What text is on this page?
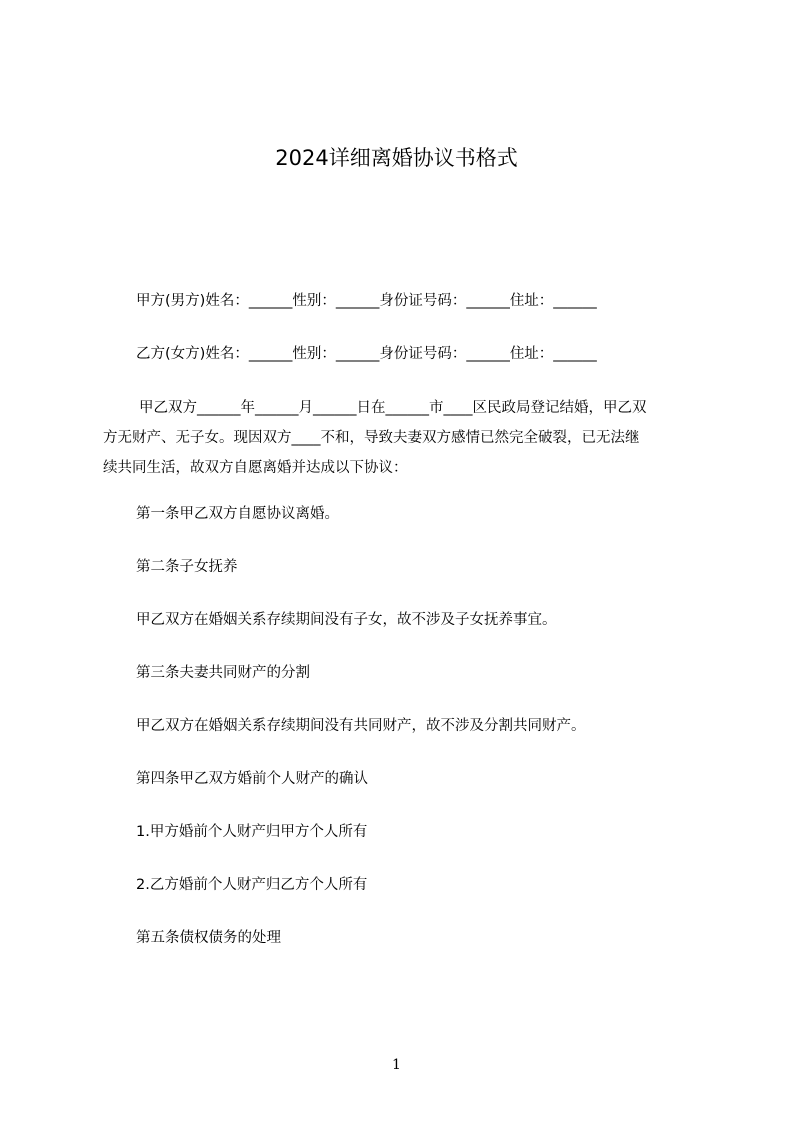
2024详细离婚协议书格式
甲方(男方)姓名：______性别：______身份证号码：______住址：______
乙方(女方)姓名：______性别：______身份证号码：______住址：______
甲乙双方______年______月______日在______市____区民政局登记结婚，甲乙双
方无财产、无子女。现因双方____不和，导致夫妻双方感情已然完全破裂，已无法继
续共同生活，故双方自愿离婚并达成以下协议：
第一条甲乙双方自愿协议离婚。
第二条子女抚养
甲乙双方在婚姻关系存续期间没有子女，故不涉及子女抚养事宜。
第三条夫妻共同财产的分割
甲乙双方在婚姻关系存续期间没有共同财产，故不涉及分割共同财产。
第四条甲乙双方婚前个人财产的确认
1.甲方婚前个人财产归甲方个人所有
2.乙方婚前个人财产归乙方个人所有
第五条债权债务的处理
1
